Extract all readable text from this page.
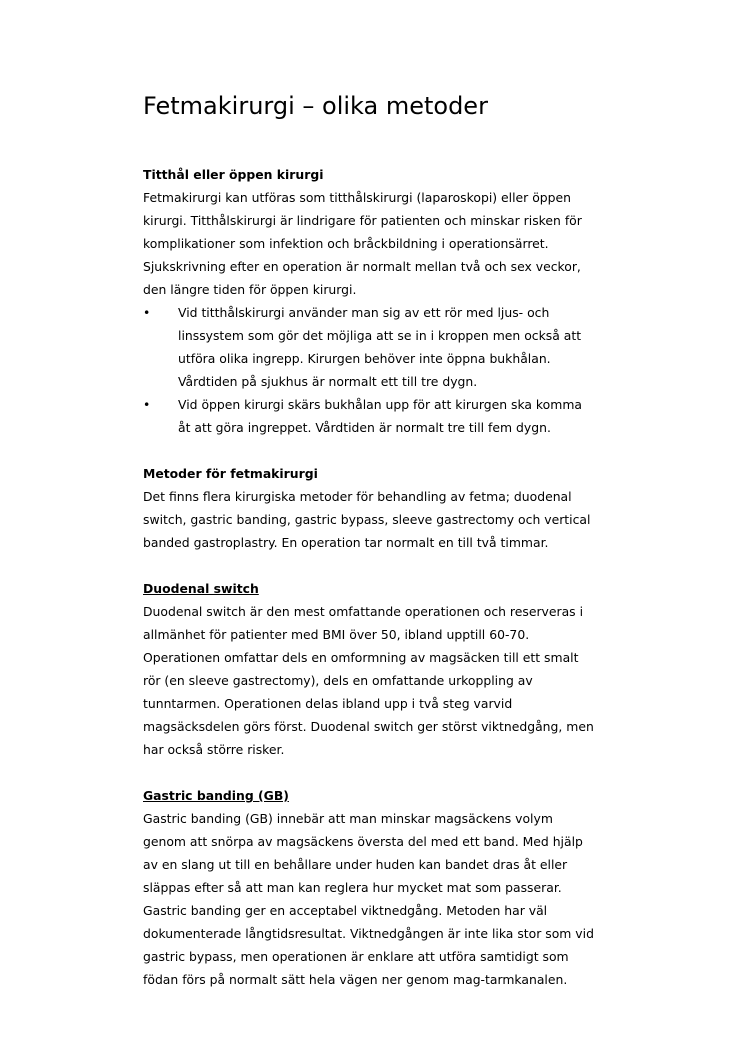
Fetmakirurgi – olika metoder

Titthål eller öppen kirurgi

Fetmakirurgi kan utföras som titthålskirurgi (laparoskopi) eller öppen
kirurgi. Titthålskirurgi är lindrigare för patienten och minskar risken för
komplikationer som infektion och bråckbildning i operationsärret.
Sjukskrivning efter en operation är normalt mellan två och sex veckor,
den längre tiden för öppen kirurgi.

• Vid titthålskirurgi använder man sig av ett rör med ljus- och
linssystem som gör det möjliga att se in i kroppen men också att
utföra olika ingrepp. Kirurgen behöver inte öppna bukhålan.
Vårdtiden på sjukhus är normalt ett till tre dygn.
• Vid öppen kirurgi skärs bukhålan upp för att kirurgen ska komma
åt att göra ingreppet. Vårdtiden är normalt tre till fem dygn.

Metoder för fetmakirurgi

Det finns flera kirurgiska metoder för behandling av fetma; duodenal
switch, gastric banding, gastric bypass, sleeve gastrectomy och vertical
banded gastroplastry. En operation tar normalt en till två timmar.

Duodenal switch

Duodenal switch är den mest omfattande operationen och reserveras i
allmänhet för patienter med BMI över 50, ibland upptill 60-70.
Operationen omfattar dels en omformning av magsäcken till ett smalt
rör (en sleeve gastrectomy), dels en omfattande urkoppling av
tunntarmen. Operationen delas ibland upp i två steg varvid
magsäcksdelen görs först. Duodenal switch ger störst viktnedgång, men
har också större risker.

Gastric banding (GB)

Gastric banding (GB) innebär att man minskar magsäckens volym
genom att snörpa av magsäckens översta del med ett band. Med hjälp
av en slang ut till en behållare under huden kan bandet dras åt eller
släppas efter så att man kan reglera hur mycket mat som passerar.
Gastric banding ger en acceptabel viktnedgång. Metoden har väl
dokumenterade långtidsresultat. Viktnedgången är inte lika stor som vid
gastric bypass, men operationen är enklare att utföra samtidigt som
födan förs på normalt sätt hela vägen ner genom mag-tarmkanalen.
